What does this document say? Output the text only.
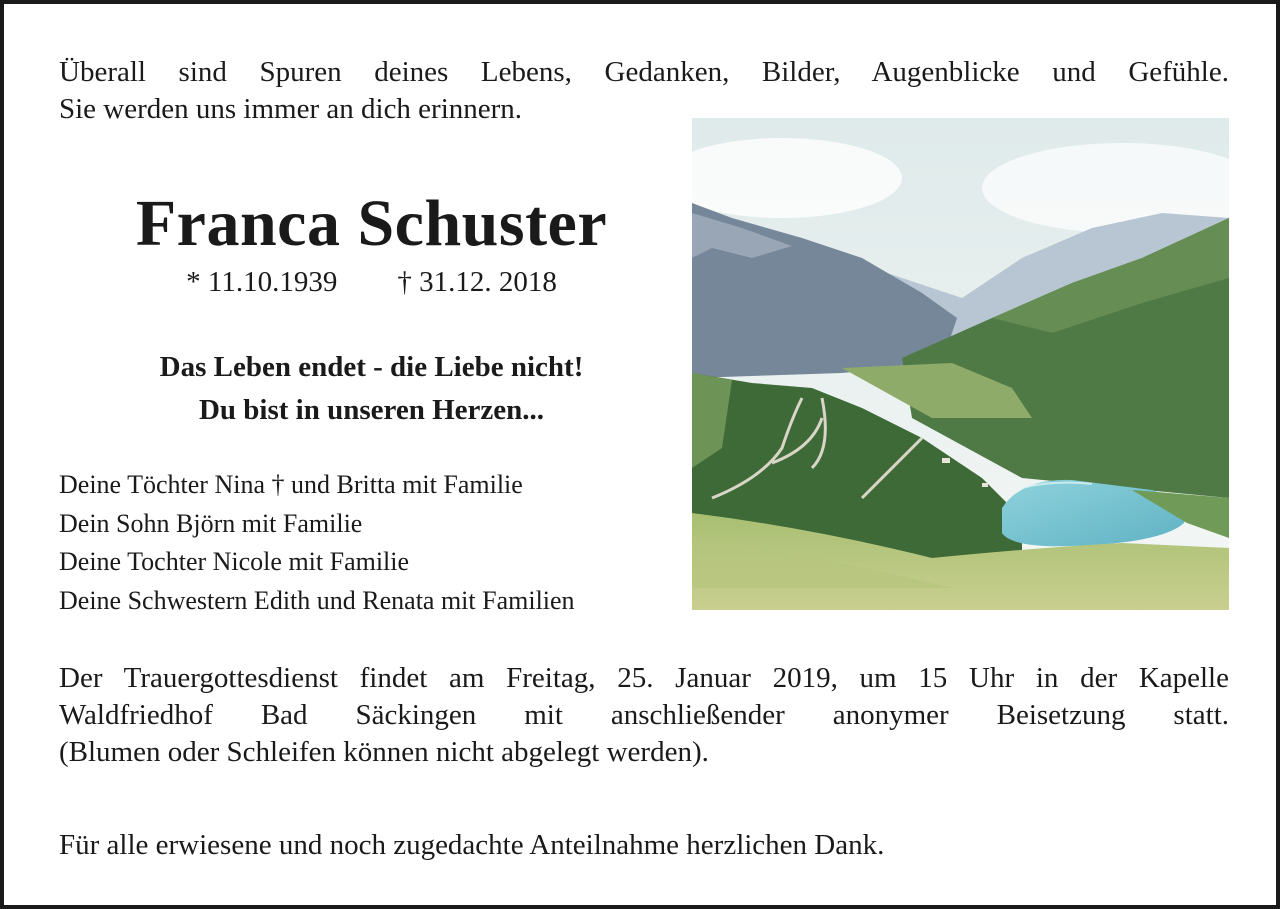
Überall sind Spuren deines Lebens, Gedanken, Bilder, Augenblicke und Gefühle.
Sie werden uns immer an dich erinnern.

Franca Schuster
* 11.10.1939 † 31.12. 2018

Das Leben endet - die Liebe nicht!
Du bist in unseren Herzen...

Deine Töchter Nina † und Britta mit Familie
Dein Sohn Björn mit Familie
Deine Tochter Nicole mit Familie
Deine Schwestern Edith und Renata mit Familien

Der Trauergottesdienst findet am Freitag, 25. Januar 2019, um 15 Uhr in der Kapelle
Waldfriedhof Bad Säckingen mit anschließender anonymer Beisetzung statt.
(Blumen oder Schleifen können nicht abgelegt werden).

Für alle erwiesene und noch zugedachte Anteilnahme herzlichen Dank.
